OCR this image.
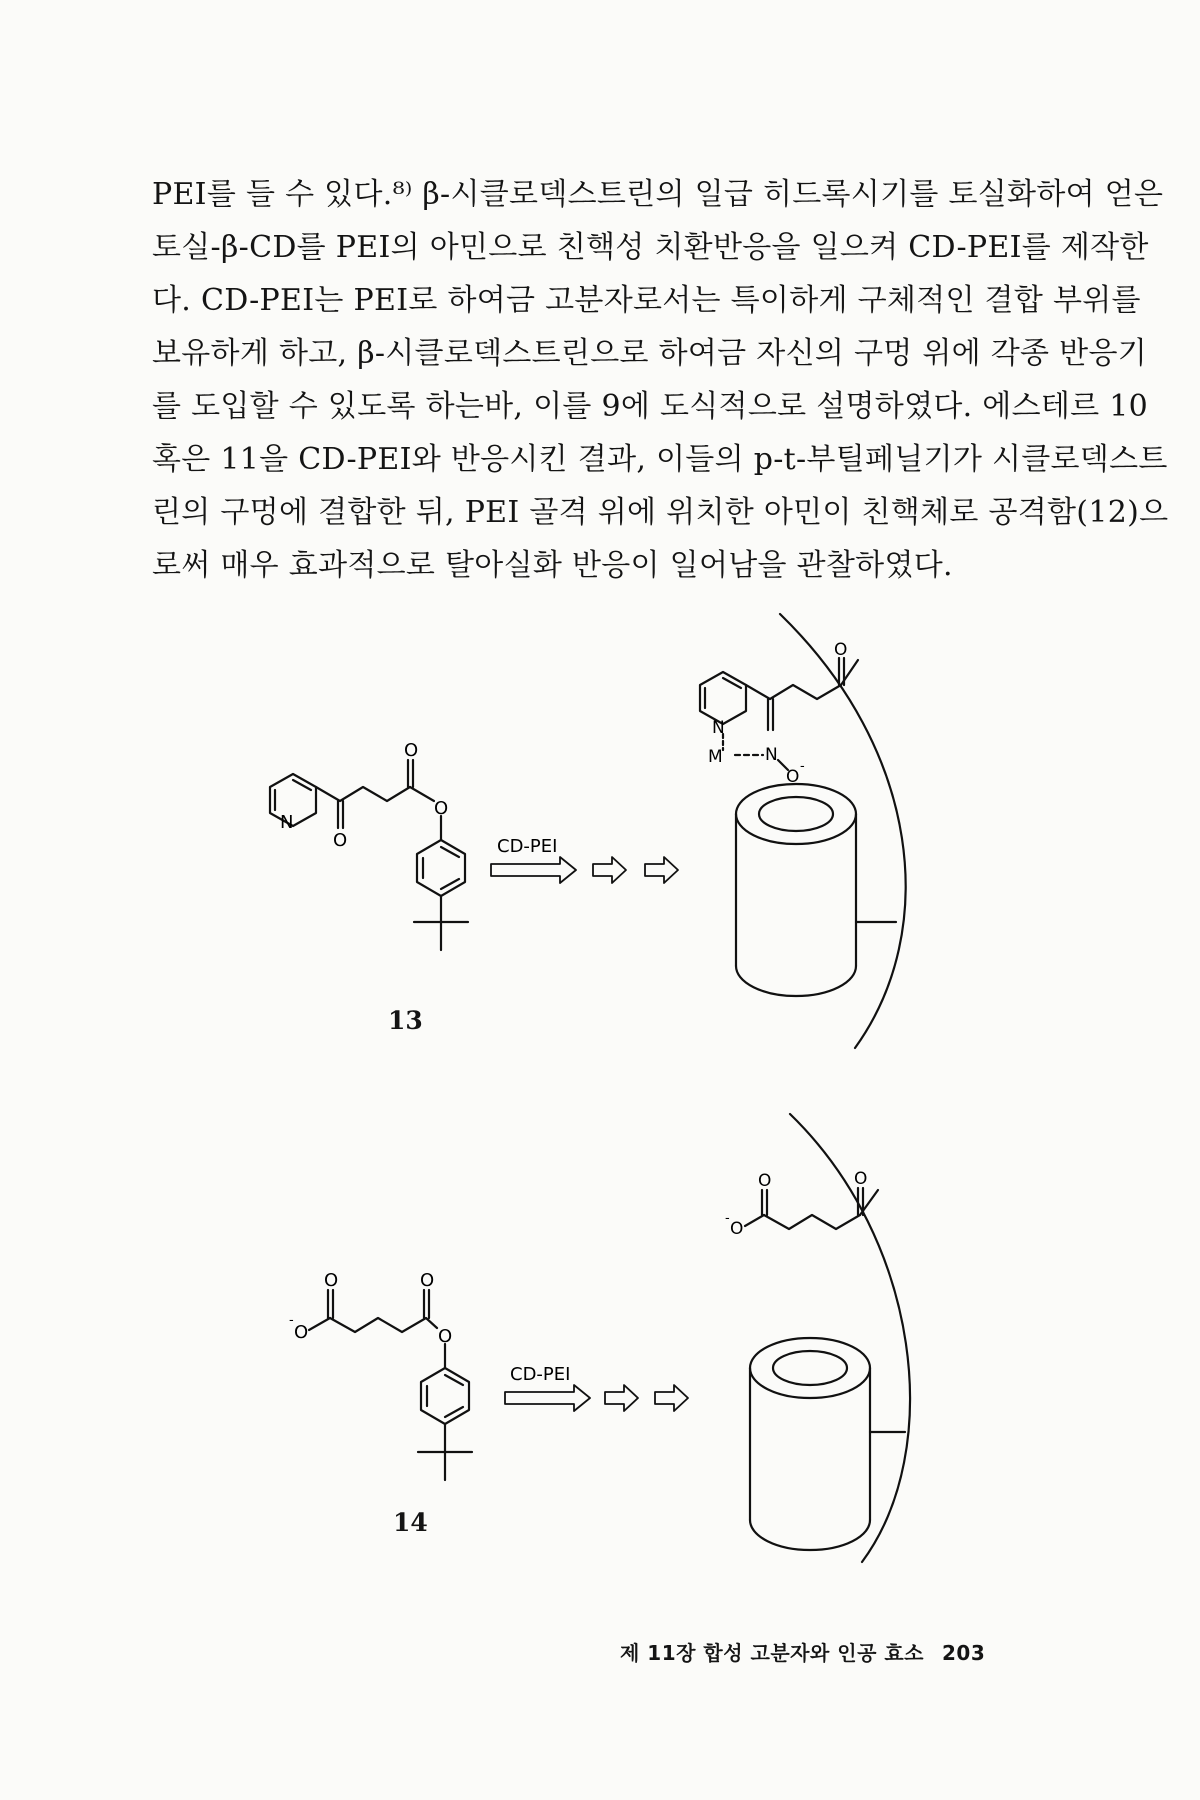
PEI를 들 수 있다.⁸⁾ β-시클로덱스트린의 일급 히드록시기를 토실화하여 얻은
토실-β-CD를 PEI의 아민으로 친핵성 치환반응을 일으켜 CD-PEI를 제작한
다. CD-PEI는 PEI로 하여금 고분자로서는 특이하게 구체적인 결합 부위를
보유하게 하고, β-시클로덱스트린으로 하여금 자신의 구멍 위에 각종 반응기
를 도입할 수 있도록 하는바, 이를 9에 도식적으로 설명하였다. 에스테르 10
혹은 11을 CD-PEI와 반응시킨 결과, 이들의 p-t-부틸페닐기가 시클로덱스트
린의 구멍에 결합한 뒤, PEI 골격 위에 위치한 아민이 친핵체로 공격함(12)으
로써 매우 효과적으로 탈아실화 반응이 일어남을 관찰하였다.
N
O
O
O
CD-PEI
N
M N
O
-
O
13
O
-
O	O
O
CD-PEI
O
-
O	O
14
제 11장 합성 고분자와 인공 효소 203
